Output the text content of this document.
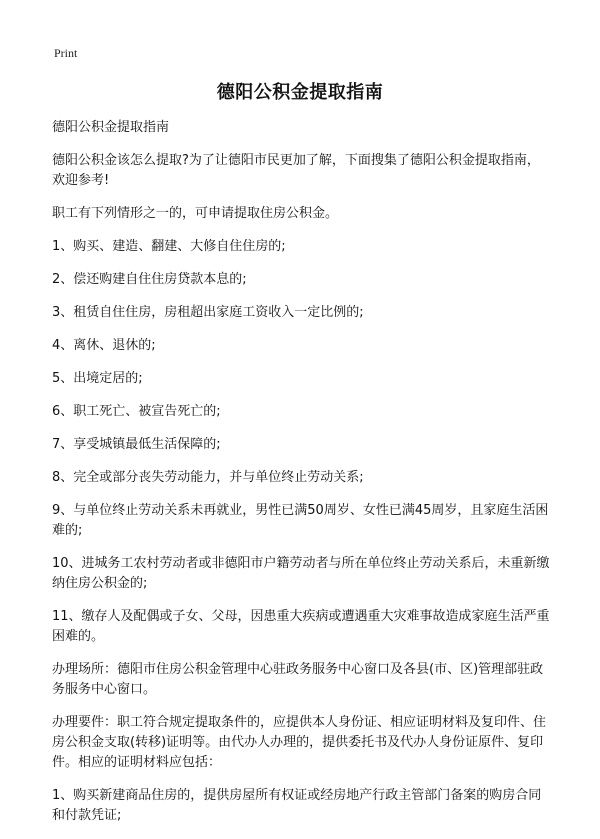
Print
德阳公积金提取指南

德阳公积金提取指南

德阳公积金该怎么提取?为了让德阳市民更加了解，下面搜集了德阳公积金提取指南，欢迎参考!

职工有下列情形之一的，可申请提取住房公积金。

1、购买、建造、翻建、大修自住住房的;

2、偿还购建自住住房贷款本息的;

3、租赁自住住房，房租超出家庭工资收入一定比例的;

4、离休、退休的;

5、出境定居的;

6、职工死亡、被宣告死亡的;

7、享受城镇最低生活保障的;

8、完全或部分丧失劳动能力，并与单位终止劳动关系;

9、与单位终止劳动关系未再就业，男性已满50周岁、女性已满45周岁，且家庭生活困难的;

10、进城务工农村劳动者或非德阳市户籍劳动者与所在单位终止劳动关系后，未重新缴纳住房公积金的;

11、缴存人及配偶或子女、父母，因患重大疾病或遭遇重大灾难事故造成家庭生活严重困难的。

办理场所：德阳市住房公积金管理中心驻政务服务中心窗口及各县(市、区)管理部驻政务服务中心窗口。

办理要件：职工符合规定提取条件的，应提供本人身份证、相应证明材料及复印件、住房公积金支取(转移)证明等。由代办人办理的，提供委托书及代办人身份证原件、复印件。相应的证明材料应包括：

1、购买新建商品住房的，提供房屋所有权证或经房地产行政主管部门备案的购房合同和付款凭证;
